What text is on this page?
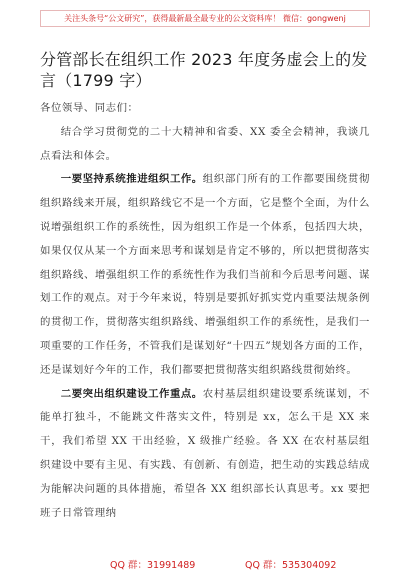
关注头条号“公文研究”，获得最新最全最专业的公文资料库！ 微信：gongwenj
分管部长在组织工作 2023 年度务虚会上的发言（1799 字）

各位领导、同志们：

结合学习贯彻党的二十大精神和省委、XX 委全会精神，我谈几点看法和体会。

一要坚持系统推进组织工作。组织部门所有的工作都要围绕贯彻组织路线来开展，组织路线它不是一个方面，它是整个全面，为什么说增强组织工作的系统性，因为组织工作是一个体系，包括四大块，如果仅仅从某一个方面来思考和谋划是肯定不够的，所以把贯彻落实组织路线、增强组织工作的系统性作为我们当前和今后思考问题、谋划工作的观点。对于今年来说，特别是要抓好抓实党内重要法规条例的贯彻工作，贯彻落实组织路线、增强组织工作的系统性，是我们一项重要的工作任务，不管我们是谋划好“十四五”规划各方面的工作，还是谋划好今年的工作，我们都要把贯彻落实组织路线贯彻始终。

二要突出组织建设工作重点。农村基层组织建设要系统谋划，不能单打独斗，不能跳文件落实文件，特别是 xx，怎么干是 XX 来干，我们希望 XX 干出经验，X 级推广经验。各 XX 在农村基层组织建设中要有主见、有实践、有创新、有创造，把生动的实践总结成为能解决问题的具体措施，希望各 XX 组织部长认真思考。xx 要把班子日常管理纳

QQ 群：31991489	QQ 群：535304092
